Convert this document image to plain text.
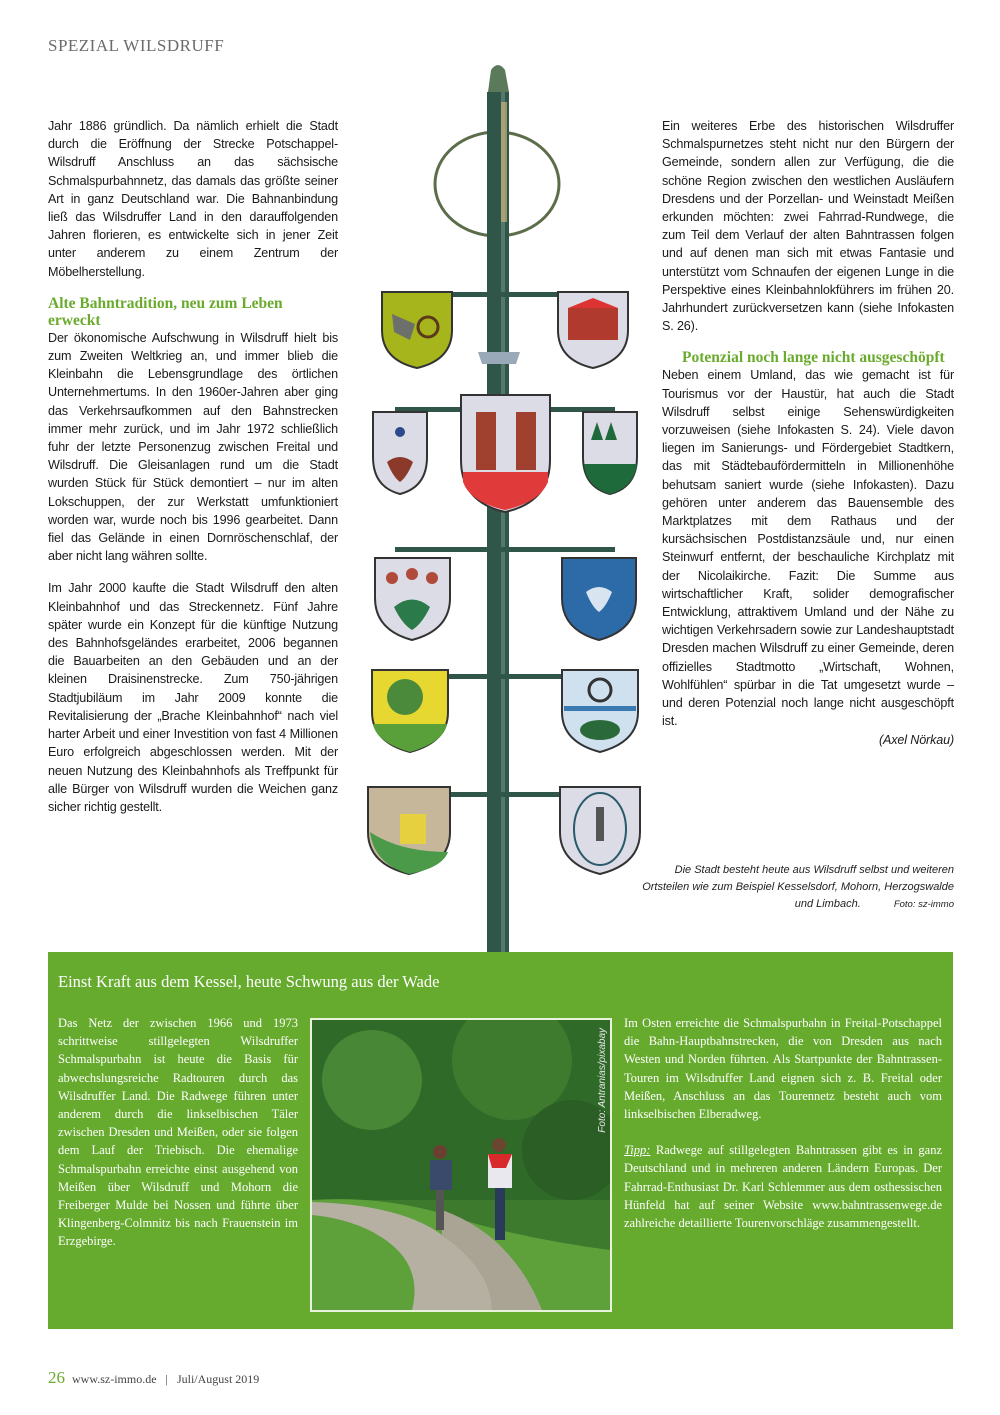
SPEZIAL WILSDRUFF

Jahr 1886 gründlich. Da nämlich erhielt die Stadt durch die Eröffnung der Strecke Potschappel-Wilsdruff Anschluss an das sächsische Schmalspurbahnnetz, das damals das größte seiner Art in ganz Deutschland war. Die Bahnanbindung ließ das Wilsdruffer Land in den darauffolgenden Jahren florieren, es entwickelte sich in jener Zeit unter anderem zu einem Zentrum der Möbelherstellung.

Alte Bahntradition, neu zum Leben erweckt

Der ökonomische Aufschwung in Wilsdruff hielt bis zum Zweiten Weltkrieg an, und immer blieb die Kleinbahn die Lebensgrundlage des örtlichen Unternehmertums. In den 1960er-Jahren aber ging das Verkehrsaufkommen auf den Bahnstrecken immer mehr zurück, und im Jahr 1972 schließlich fuhr der letzte Personenzug zwischen Freital und Wilsdruff. Die Gleisanlagen rund um die Stadt wurden Stück für Stück demontiert – nur im alten Lokschuppen, der zur Werkstatt umfunktioniert worden war, wurde noch bis 1996 gearbeitet. Dann fiel das Gelände in einen Dornröschenschlaf, der aber nicht lang währen sollte.

Im Jahr 2000 kaufte die Stadt Wilsdruff den alten Kleinbahnhof und das Streckennetz. Fünf Jahre später wurde ein Konzept für die künftige Nutzung des Bahnhofsgeländes erarbeitet, 2006 begannen die Bauarbeiten an den Gebäuden und an der kleinen Draisinenstrecke. Zum 750-jährigen Stadtjubiläum im Jahr 2009 konnte die Revitalisierung der „Brache Kleinbahnhof“ nach viel harter Arbeit und einer Investition von fast 4 Millionen Euro erfolgreich abgeschlossen werden. Mit der neuen Nutzung des Kleinbahnhofs als Treffpunkt für alle Bürger von Wilsdruff wurden die Weichen ganz sicher richtig gestellt.

Ein weiteres Erbe des historischen Wilsdruffer Schmalspurnetzes steht nicht nur den Bürgern der Gemeinde, sondern allen zur Verfügung, die die schöne Region zwischen den westlichen Ausläufern Dresdens und der Porzellan- und Weinstadt Meißen erkunden möchten: zwei Fahrrad-Rundwege, die zum Teil dem Verlauf der alten Bahntrassen folgen und auf denen man sich mit etwas Fantasie und unterstützt vom Schnaufen der eigenen Lunge in die Perspektive eines Kleinbahnlokführers im frühen 20. Jahrhundert zurückversetzen kann (siehe Infokasten S. 26).

Potenzial noch lange nicht ausgeschöpft

Neben einem Umland, das wie gemacht ist für Tourismus vor der Haustür, hat auch die Stadt Wilsdruff selbst einige Sehenswürdigkeiten vorzuweisen (siehe Infokasten S. 24). Viele davon liegen im Sanierungs- und Fördergebiet Stadtkern, das mit Städtebaufördermitteln in Millionenhöhe behutsam saniert wurde (siehe Infokasten). Dazu gehören unter anderem das Bauensemble des Marktplatzes mit dem Rathaus und der kursächsischen Postdistanzsäule und, nur einen Steinwurf entfernt, der beschauliche Kirchplatz mit der Nicolaikirche. Fazit: Die Summe aus wirtschaftlicher Kraft, solider demografischer Entwicklung, attraktivem Umland und der Nähe zu wichtigen Verkehrsadern sowie zur Landeshauptstadt Dresden machen Wilsdruff zu einer Gemeinde, deren offizielles Stadtmotto „Wirtschaft, Wohnen, Wohlfühlen“ spürbar in die Tat umgesetzt wurde – und deren Potenzial noch lange nicht ausgeschöpft ist.

(Axel Nörkau)

Die Stadt besteht heute aus Wilsdruff selbst und weiteren Ortsteilen wie zum Beispiel Kesselsdorf, Mohorn, Herzogswalde und Limbach.	Foto: sz-immo
Einst Kraft aus dem Kessel, heute Schwung aus der Wade

Das Netz der zwischen 1966 und 1973 schrittweise stillgelegten Wilsdruffer Schmalspurbahn ist heute die Basis für abwechslungsreiche Radtouren durch das Wilsdruffer Land. Die Radwege führen unter anderem durch die linkselbischen Täler zwischen Dresden und Meißen, oder sie folgen dem Lauf der Triebisch. Die ehemalige Schmalspurbahn erreichte einst ausgehend von Meißen über Wilsdruff und Mohorn die Freiberger Mulde bei Nossen und führte über Klingenberg-Colmnitz bis nach Frauenstein im Erzgebirge.

Foto: Antranias/pixabay

Im Osten erreichte die Schmalspurbahn in Freital-Potschappel die Bahn-Hauptbahnstrecken, die von Dresden aus nach Westen und Norden führten. Als Startpunkte der Bahntrassen-Touren im Wilsdruffer Land eignen sich z. B. Freital oder Meißen, Anschluss an das Tourennetz besteht auch vom linkselbischen Elberadweg.

Tipp: Radwege auf stillgelegten Bahntrassen gibt es in ganz Deutschland und in mehreren anderen Ländern Europas. Der Fahrrad-Enthusiast Dr. Karl Schlemmer aus dem osthessischen Hünfeld hat auf seiner Website www.bahntrassenwege.de zahlreiche detaillierte Tourenvorschläge zusammengestellt.

26 www.sz-immo.de | Juli/August 2019
